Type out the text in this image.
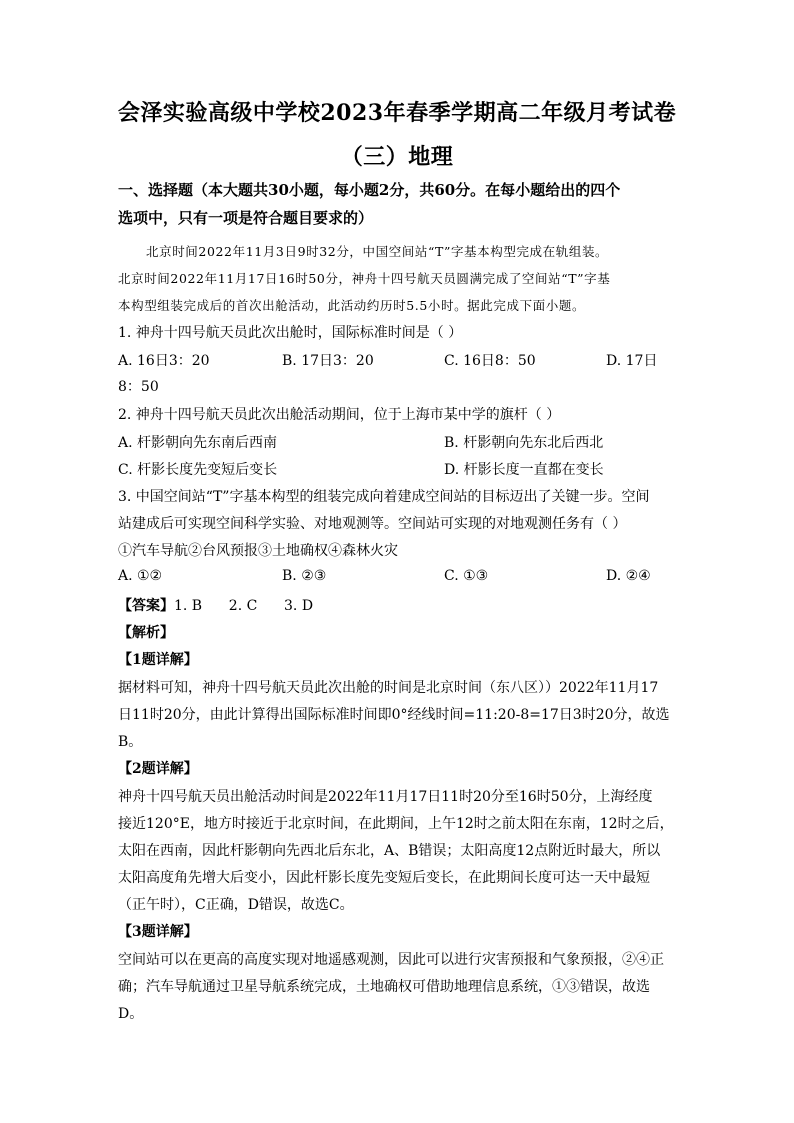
会泽实验高级中学校2023年春季学期高二年级月考试卷
（三）地理
一、选择题（本大题共30小题，每小题2分，共60分。在每小题给出的四个
选项中，只有一项是符合题目要求的）
北京时间2022年11月3日9时32分，中国空间站“T”字基本构型完成在轨组装。
北京时间2022年11月17日16时50分，神舟十四号航天员圆满完成了空间站“T”字基
本构型组装完成后的首次出舱活动，此活动约历时5.5小时。据此完成下面小题。
1. 神舟十四号航天员此次出舱时，国际标准时间是（ ）
A. 16日3：20	B. 17日3：20	C. 16日8：50	D. 17日
8：50
2. 神舟十四号航天员此次出舱活动期间，位于上海市某中学的旗杆（ ）
A. 杆影朝向先东南后西南	B. 杆影朝向先东北后西北
C. 杆影长度先变短后变长	D. 杆影长度一直都在变长
3. 中国空间站“T”字基本构型的组装完成向着建成空间站的目标迈出了关键一步。空间
站建成后可实现空间科学实验、对地观测等。空间站可实现的对地观测任务有（ ）
①汽车导航②台风预报③土地确权④森林火灾
A. ①②	B. ②③	C. ①③	D. ②④
【答案】1. B      2. C      3. D
【解析】
【1题详解】
据材料可知，神舟十四号航天员此次出舱的时间是北京时间（东八区））2022年11月17
日11时20分，由此计算得出国际标准时间即0°经线时间=11:20-8=17日3时20分，故选
B。
【2题详解】
神舟十四号航天员出舱活动时间是2022年11月17日11时20分至16时50分，上海经度
接近120°E，地方时接近于北京时间，在此期间，上午12时之前太阳在东南，12时之后，
太阳在西南，因此杆影朝向先西北后东北，A、B错误；太阳高度12点附近时最大，所以
太阳高度角先增大后变小，因此杆影长度先变短后变长，在此期间长度可达一天中最短
（正午时），C正确，D错误，故选C。
【3题详解】
空间站可以在更高的高度实现对地遥感观测，因此可以进行灾害预报和气象预报，②④正
确；汽车导航通过卫星导航系统完成，土地确权可借助地理信息系统，①③错误，故选
D。
